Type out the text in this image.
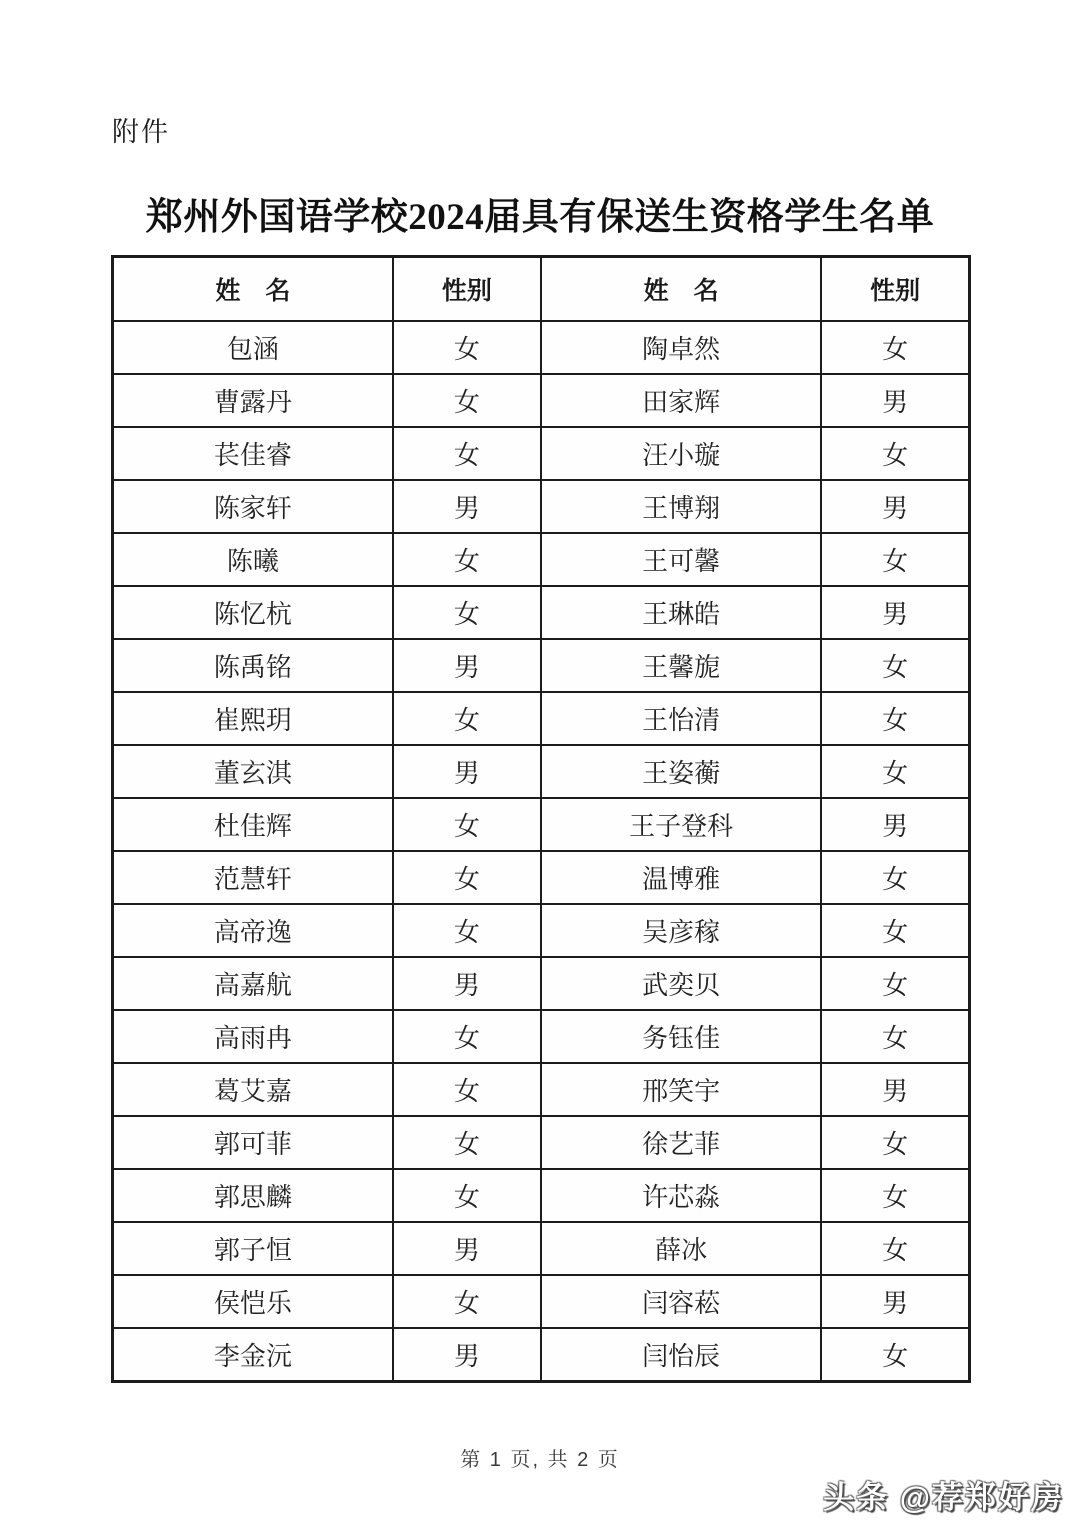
附件
郑州外国语学校2024届具有保送生资格学生名单
姓　名	性别	姓　名	性别
包涵	女	陶卓然	女
曹露丹	女	田家辉	男
苌佳睿	女	汪小璇	女
陈家轩	男	王博翔	男
陈曦	女	王可馨	女
陈忆杭	女	王琳皓	男
陈禹铭	男	王馨旎	女
崔熙玥	女	王怡清	女
董玄淇	男	王姿蘅	女
杜佳辉	女	王子登科	男
范慧轩	女	温博雅	女
高帝逸	女	吴彦稼	女
高嘉航	男	武奕贝	女
高雨冉	女	务钰佳	女
葛艾嘉	女	邢笑宇	男
郭可菲	女	徐艺菲	女
郭思麟	女	许芯淼	女
郭子恒	男	薛冰	女
侯恺乐	女	闫容菘	男
李金沅	男	闫怡辰	女
第 1 页, 共 2 页
头条 @荐郑好房
